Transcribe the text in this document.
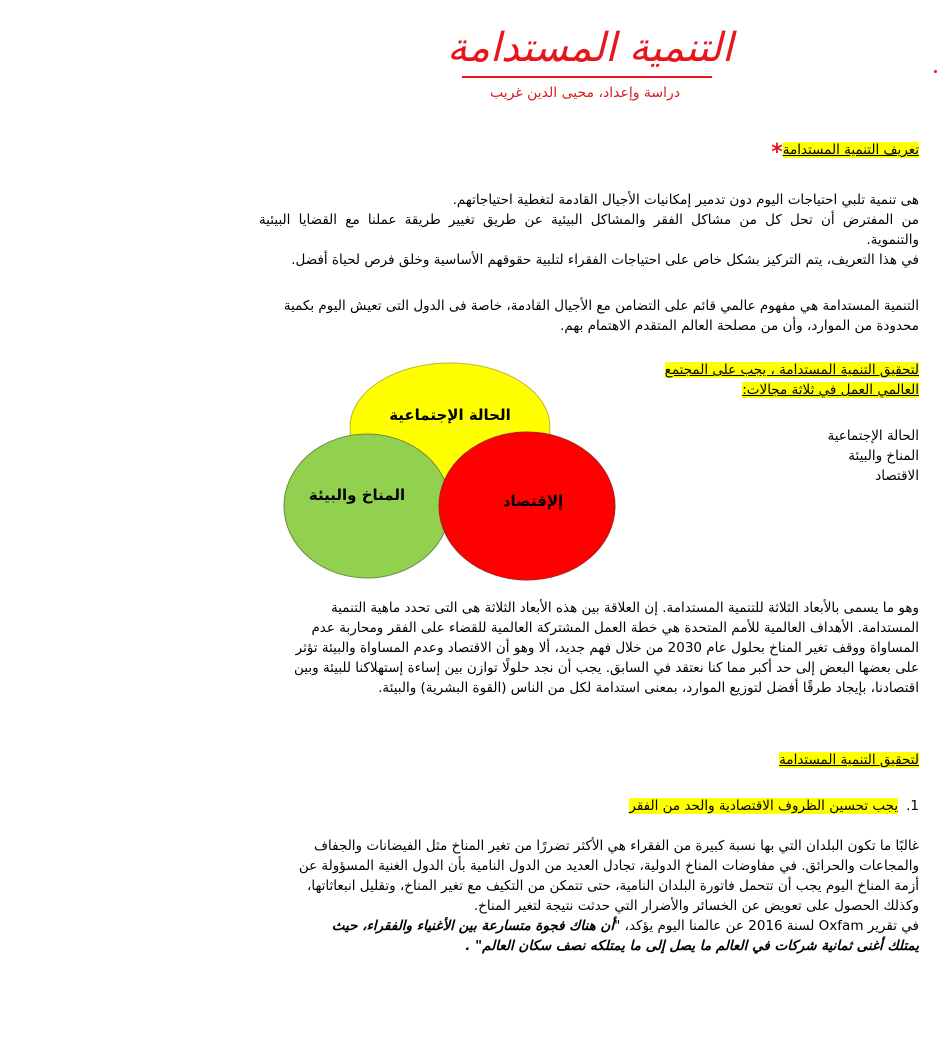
التنمية المستدامة
دراسة وإعداد، محيى الدين غريب
تعريف التنمية المستدامة*
هى تنمية تلبي احتياجات اليوم دون تدمير إمكانيات الأجيال القادمة لتغطية احتياجاتهم.
من المفترض أن تحل كل من مشاكل الفقر والمشاكل البيئية عن طريق تغيير طريقة عملنا مع القضايا البيئية
والتنموية.
في هذا التعريف، يتم التركيز بشكل خاص على احتياجات الفقراء لتلبية حقوقهم الأساسية وخلق فرص لحياة أفضل.
التنمية المستدامة هي مفهوم عالمي قائم على التضامن مع الأجيال القادمة، خاصة فى الدول التى تعيش اليوم بكمية
محدودة من الموارد، وأن من مصلحة العالم المتقدم الاهتمام بهم.
لتحقيق التنمية المستدامة ، يجب على المجتمع
العالمي العمل في ثلاثة مجالات:
الحالة الإجتماعية
المناخ والبيئة
الاقتصاد
الحالة الإجتماعية
المناخ والبيئة	إلإقتصاد
وهو ما يسمى بالأبعاد الثلاثة للتنمية المستدامة. إن العلاقة بين هذه الأبعاد الثلاثة هى التى تحدد ماهية التنمية
المستدامة. الأهداف العالمية للأمم المتحدة هي خطة العمل المشتركة العالمية للقضاء على الفقر ومحاربة عدم
المساواة ووقف تغير المناخ بحلول عام 2030 من خلال فهم جديد، ألا وهو أن الاقتصاد وعدم المساواة والبيئة تؤثر
على بعضها البعض إلى حد أكبر مما كنا نعتقد في السابق. يجب أن نجد حلولًا توازن بين إساءة إستهلاكنا للبيئة وبين
اقتصادنا، بإيجاد طرقًا أفضل لتوزيع الموارد، بمعنى استدامة لكل من الناس (القوة البشرية) والبيئة.
لتحقيق التنمية المستدامة
1.يجب تحسين الظروف الاقتصادية والحد من الفقر
غالبًا ما تكون البلدان التي بها نسبة كبيرة من الفقراء هي الأكثر تضررًا من تغير المناخ مثل الفيضانات والجفاف
والمجاعات والحرائق. في مفاوضات المناخ الدولية، تجادل العديد من الدول النامية بأن الدول الغنية المسؤولة عن
أزمة المناخ اليوم يجب أن تتحمل فاتورة البلدان النامية، حتى تتمكن من التكيف مع تغير المناخ، وتقليل انبعاثاتها،
وكذلك الحصول على تعويض عن الخسائر والأضرار التي حدثت نتيجة لتغير المناخ.
في تقرير Oxfam لسنة 2016 عن عالمنا اليوم يؤكد، "أن هناك فجوة متسارعة بين الأغنياء والفقراء، حيث
يمتلك أغنى ثمانية شركات في العالم ما يصل إلى ما يمتلكه نصف سكان العالم" .
